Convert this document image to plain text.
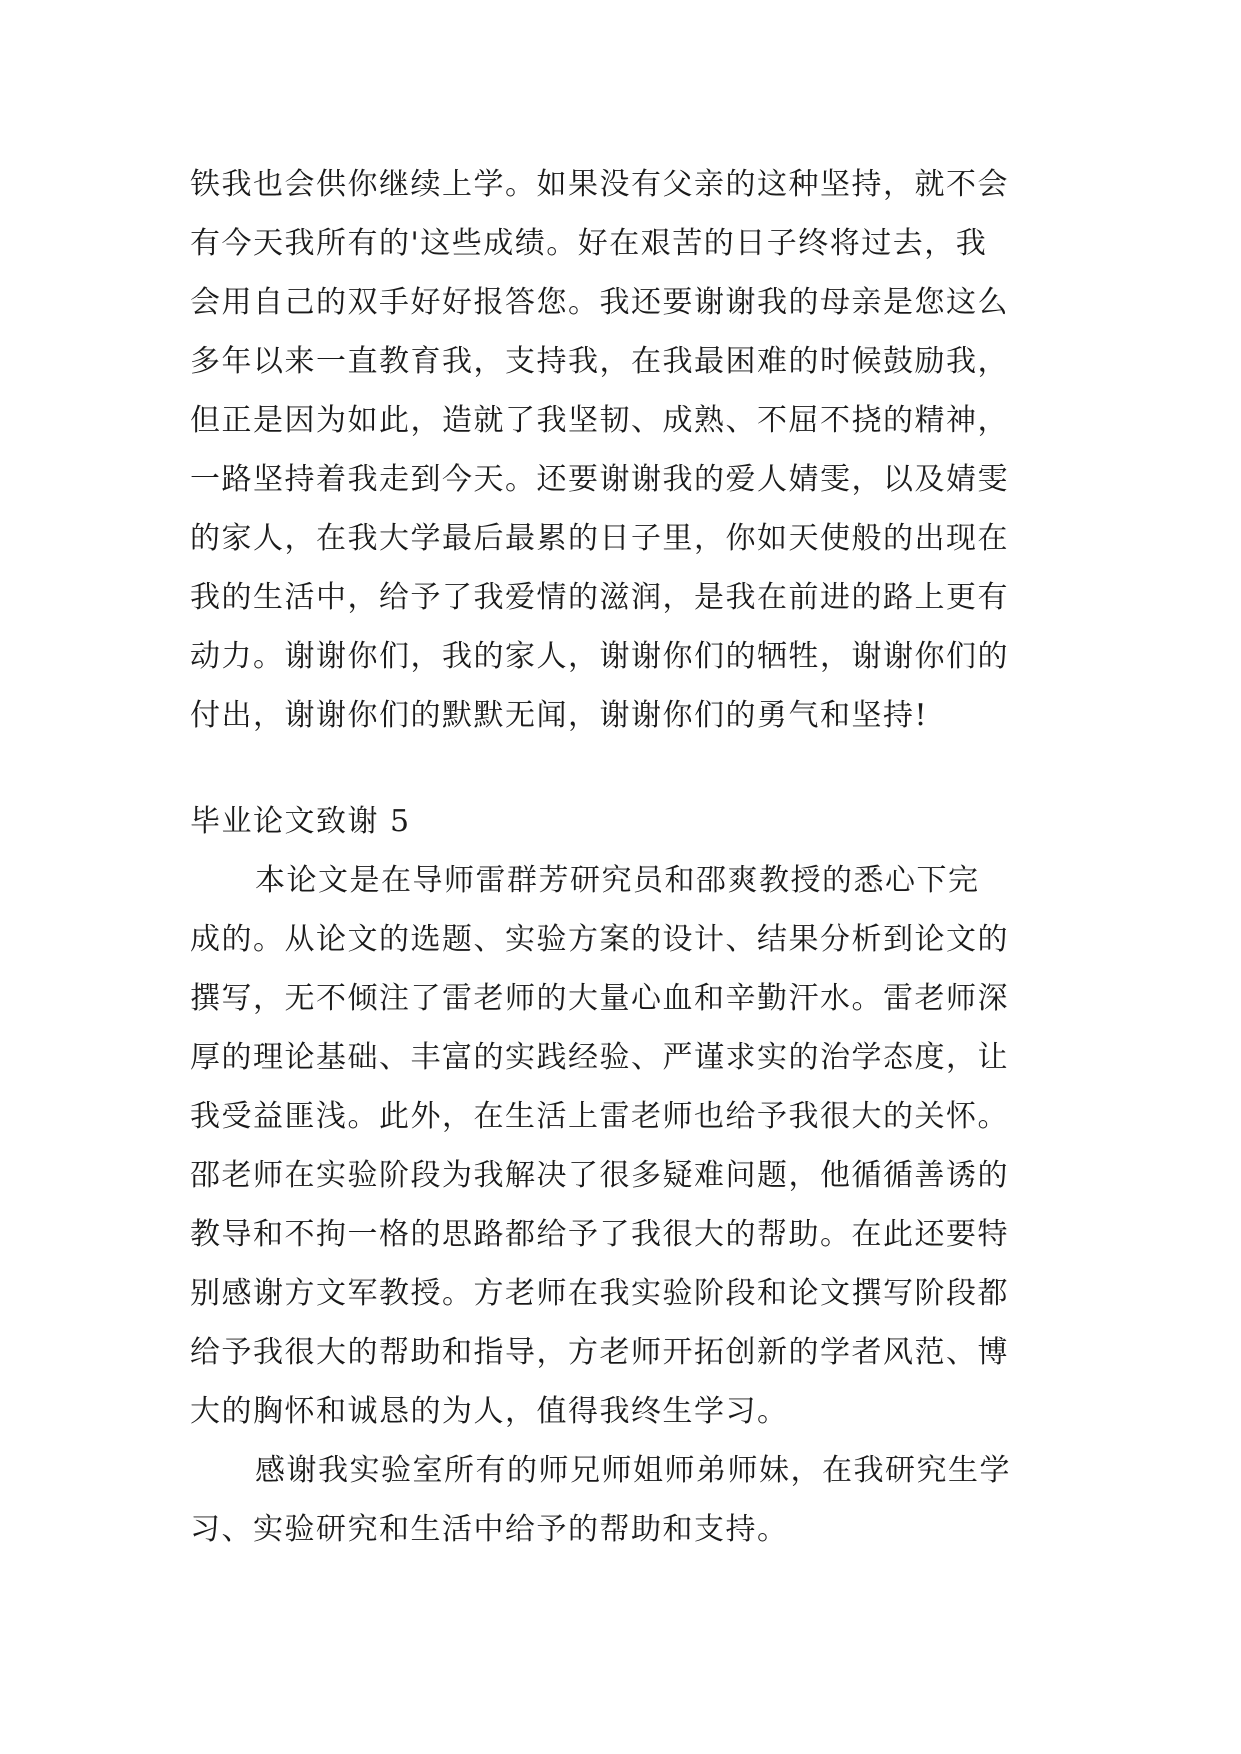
铁我也会供你继续上学。如果没有父亲的这种坚持，就不会
有今天我所有的'这些成绩。好在艰苦的日子终将过去，我
会用自己的双手好好报答您。我还要谢谢我的母亲是您这么
多年以来一直教育我，支持我，在我最困难的时候鼓励我，
但正是因为如此，造就了我坚韧、成熟、不屈不挠的精神，
一路坚持着我走到今天。还要谢谢我的爱人婧雯，以及婧雯
的家人，在我大学最后最累的日子里，你如天使般的出现在
我的生活中，给予了我爱情的滋润，是我在前进的路上更有
动力。谢谢你们，我的家人，谢谢你们的牺牲，谢谢你们的
付出，谢谢你们的默默无闻，谢谢你们的勇气和坚持!
毕业论文致谢 5
本论文是在导师雷群芳研究员和邵爽教授的悉心下完
成的。从论文的选题、实验方案的设计、结果分析到论文的
撰写，无不倾注了雷老师的大量心血和辛勤汗水。雷老师深
厚的理论基础、丰富的实践经验、严谨求实的治学态度，让
我受益匪浅。此外，在生活上雷老师也给予我很大的关怀。
邵老师在实验阶段为我解决了很多疑难问题，他循循善诱的
教导和不拘一格的思路都给予了我很大的帮助。在此还要特
别感谢方文军教授。方老师在我实验阶段和论文撰写阶段都
给予我很大的帮助和指导，方老师开拓创新的学者风范、博
大的胸怀和诚恳的为人，值得我终生学习。
感谢我实验室所有的师兄师姐师弟师妹，在我研究生学
习、实验研究和生活中给予的帮助和支持。
